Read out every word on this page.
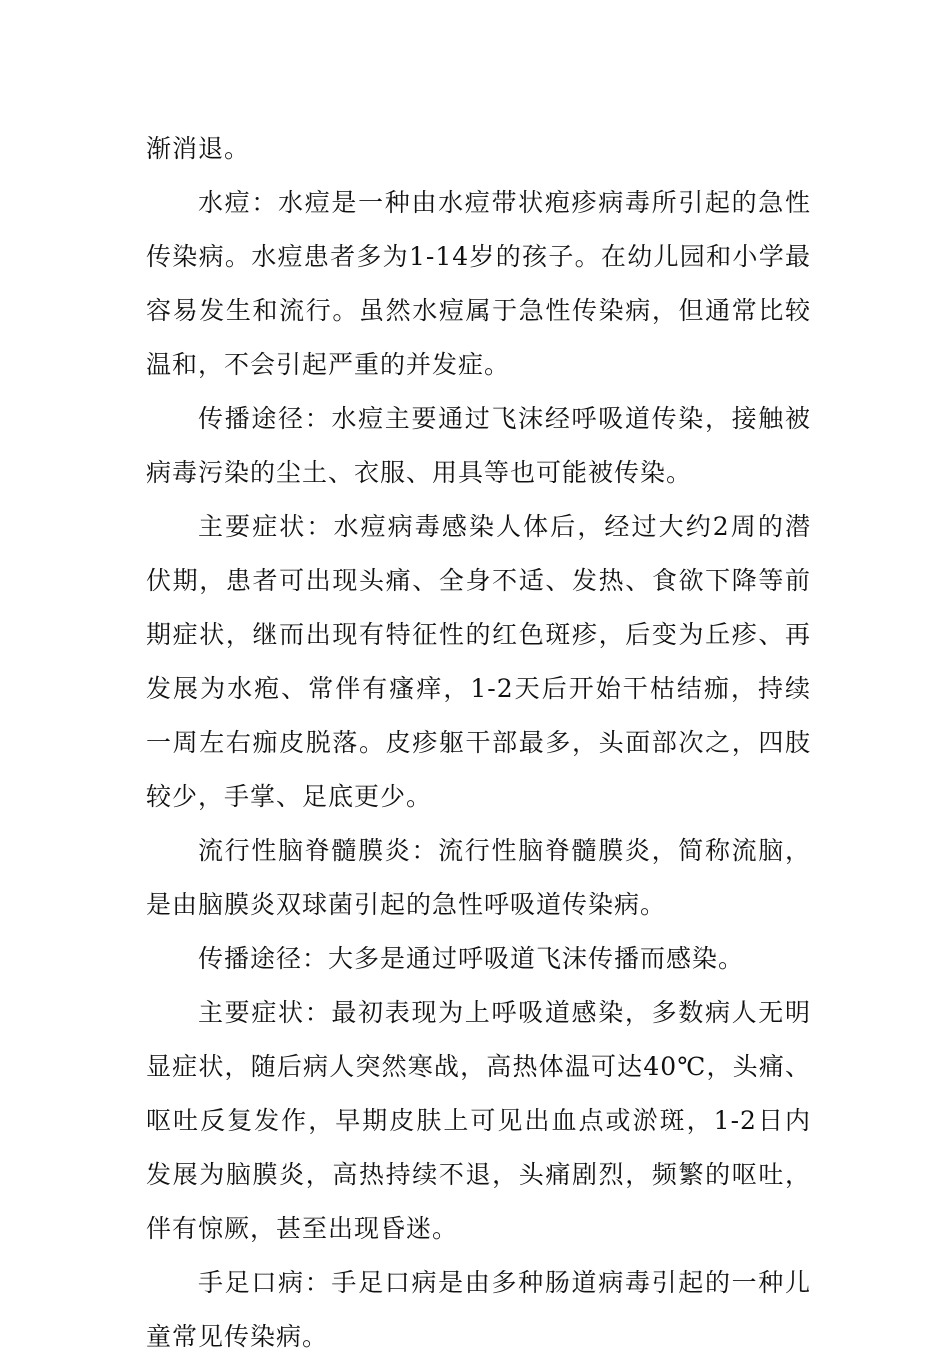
渐消退。

水痘：水痘是一种由水痘带状疱疹病毒所引起的急性传染病。水痘患者多为1-14岁的孩子。在幼儿园和小学最容易发生和流行。虽然水痘属于急性传染病，但通常比较温和，不会引起严重的并发症。

传播途径：水痘主要通过飞沫经呼吸道传染，接触被病毒污染的尘土、衣服、用具等也可能被传染。

主要症状：水痘病毒感染人体后，经过大约2周的潜伏期，患者可出现头痛、全身不适、发热、食欲下降等前期症状，继而出现有特征性的红色斑疹，后变为丘疹、再发展为水疱、常伴有瘙痒，1-2天后开始干枯结痂，持续一周左右痂皮脱落。皮疹躯干部最多，头面部次之，四肢较少，手掌、足底更少。

流行性脑脊髓膜炎：流行性脑脊髓膜炎，简称流脑，是由脑膜炎双球菌引起的急性呼吸道传染病。

传播途径：大多是通过呼吸道飞沫传播而感染。

主要症状：最初表现为上呼吸道感染，多数病人无明显症状，随后病人突然寒战，高热体温可达40℃，头痛、呕吐反复发作，早期皮肤上可见出血点或淤斑，1-2日内发展为脑膜炎，高热持续不退，头痛剧烈，频繁的呕吐，伴有惊厥，甚至出现昏迷。

手足口病：手足口病是由多种肠道病毒引起的一种儿童常见传染病。
